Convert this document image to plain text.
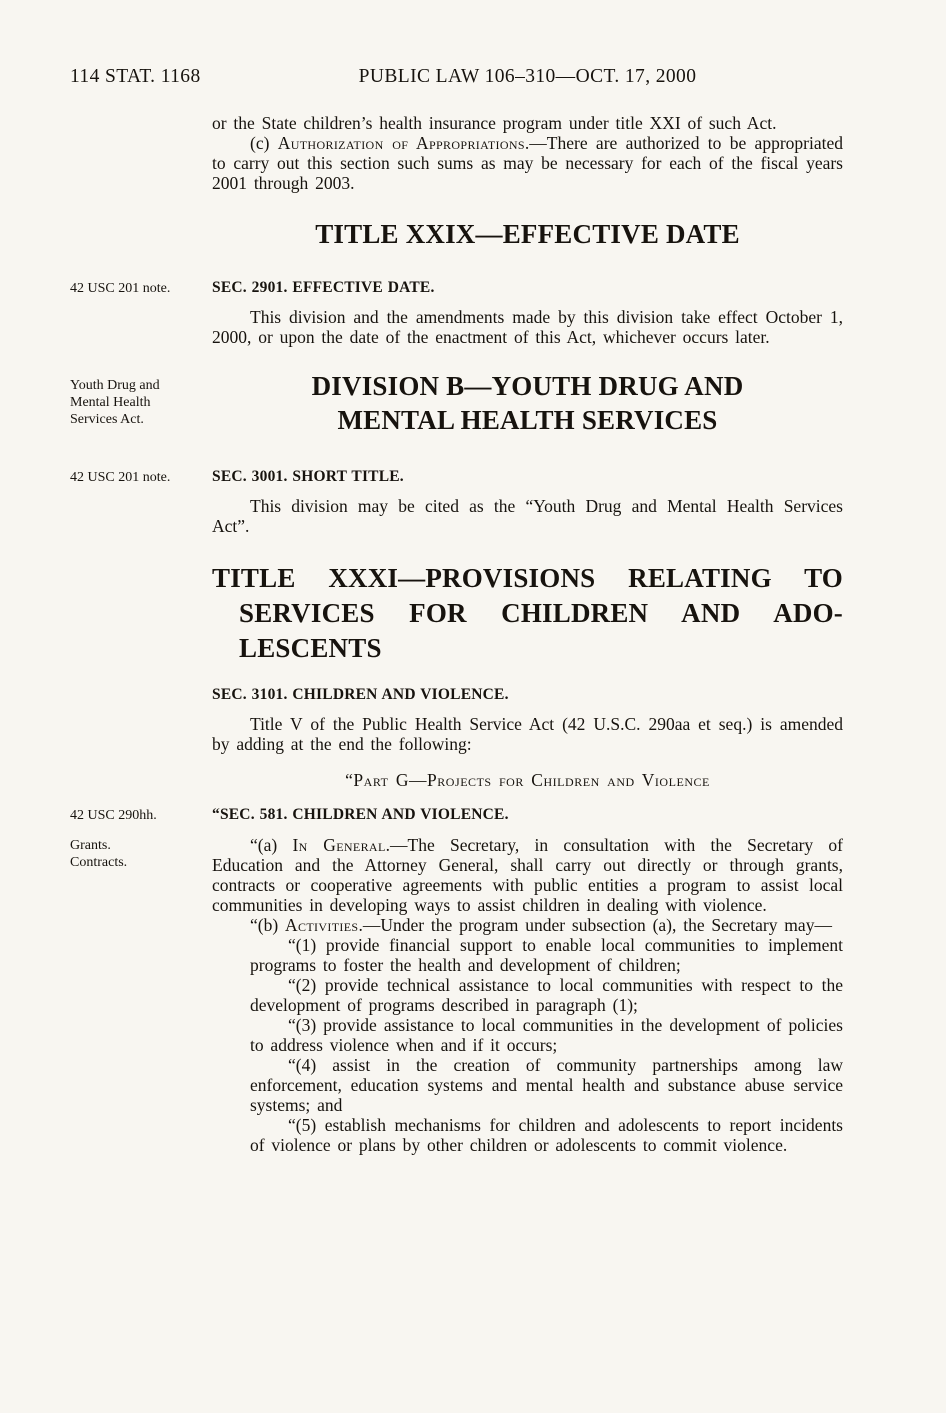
114 STAT. 1168	PUBLIC LAW 106–310—OCT. 17, 2000

or the State children’s health insurance program under title XXI of such Act.

(c) Authorization of Appropriations.—There are authorized to be appropriated to carry out this section such sums as may be necessary for each of the fiscal years 2001 through 2003.

TITLE XXIX—EFFECTIVE DATE
42 USC 201 note.	SEC. 2901. EFFECTIVE DATE.

This division and the amendments made by this division take effect October 1, 2000, or upon the date of the enactment of this Act, whichever occurs later.

Youth Drug and
Mental Health
Services Act.
DIVISION B—YOUTH DRUG AND
MENTAL HEALTH SERVICES
42 USC 201 note.	SEC. 3001. SHORT TITLE.

This division may be cited as the “Youth Drug and Mental Health Services Act”.

TITLE XXXI—PROVISIONS RELATING TO
SERVICES FOR CHILDREN AND ADO-
LESCENTS
SEC. 3101. CHILDREN AND VIOLENCE.

Title V of the Public Health Service Act (42 U.S.C. 290aa et seq.) is amended by adding at the end the following:

“Part G—Projects for Children and Violence

42 USC 290hh.	“SEC. 581. CHILDREN AND VIOLENCE.

Grants.
Contracts.
“(a) In General.—The Secretary, in consultation with the Secretary of Education and the Attorney General, shall carry out directly or through grants, contracts or cooperative agreements with public entities a program to assist local communities in developing ways to assist children in dealing with violence.

“(b) Activities.—Under the program under subsection (a), the Secretary may—

“(1) provide financial support to enable local communities to implement programs to foster the health and development of children;

“(2) provide technical assistance to local communities with respect to the development of programs described in paragraph (1);

“(3) provide assistance to local communities in the development of policies to address violence when and if it occurs;

“(4) assist in the creation of community partnerships among law enforcement, education systems and mental health and substance abuse service systems; and

“(5) establish mechanisms for children and adolescents to report incidents of violence or plans by other children or adolescents to commit violence.
